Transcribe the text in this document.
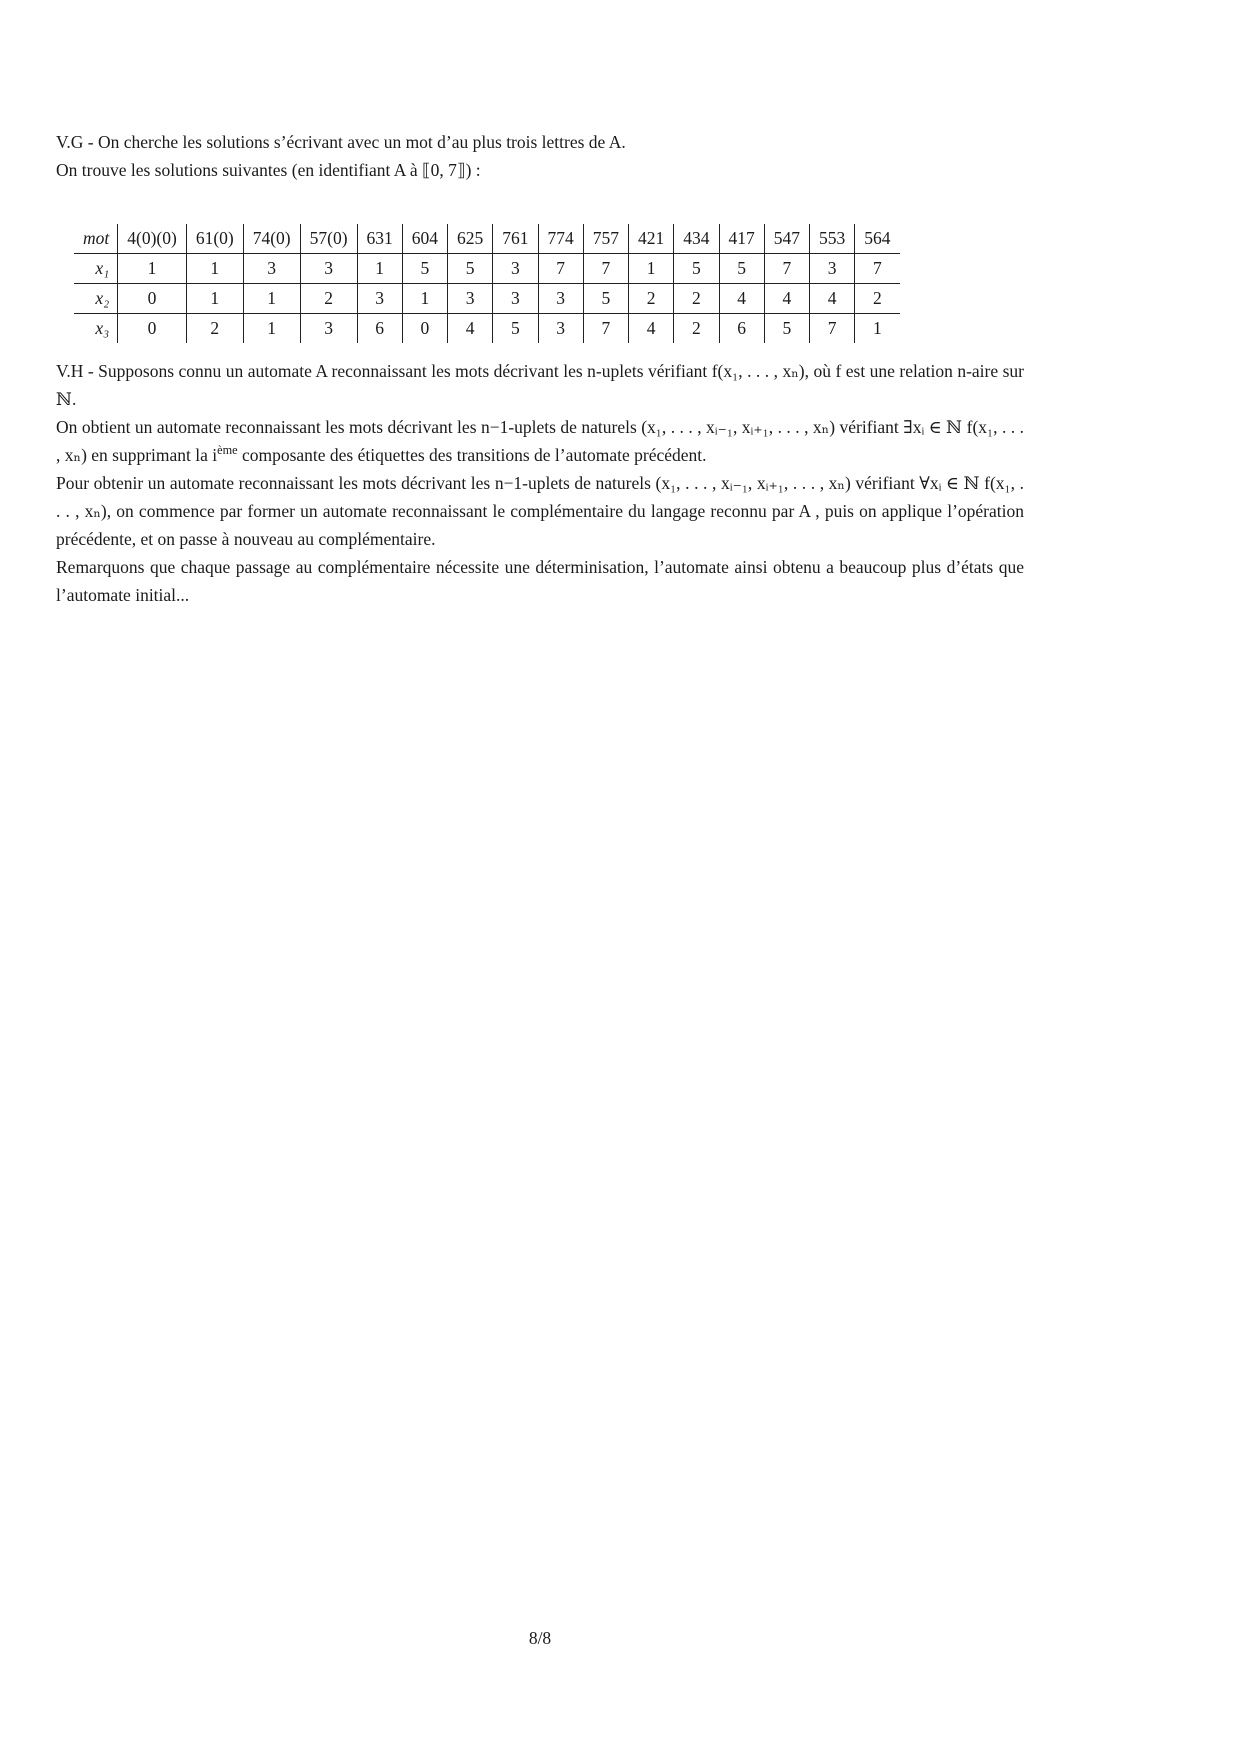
V.G - On cherche les solutions s’écrivant avec un mot d’au plus trois lettres de A.

On trouve les solutions suivantes (en identifiant A à ⟦0, 7⟧) :

mot	4(0)(0)	61(0)	74(0)	57(0)	631	604	625	761	774	757	421	434	417	547	553	564
x₁	1	1	3	3	1	5	5	3	7	7	1	5	5	7	3	7
x₂	0	1	1	2	3	1	3	3	3	5	2	2	4	4	4	2
x₃	0	2	1	3	6	0	4	5	3	7	4	2	6	5	7	1

V.H - Supposons connu un automate A reconnaissant les mots décrivant les n-uplets vérifiant f(x₁, . . . , xₙ), où f est une relation n-aire sur ℕ.

On obtient un automate reconnaissant les mots décrivant les n−1-uplets de naturels (x₁, . . . , xᵢ₋₁, xᵢ₊₁, . . . , xₙ) vérifiant ∃xᵢ ∈ ℕ f(x₁, . . . , xₙ) en supprimant la $i^{ème}$ composante des étiquettes des transitions de l’automate précédent.

Pour obtenir un automate reconnaissant les mots décrivant les n−1-uplets de naturels (x₁, . . . , xᵢ₋₁, xᵢ₊₁, . . . , xₙ) vérifiant ∀xᵢ ∈ ℕ f(x₁, . . . , xₙ), on commence par former un automate reconnaissant le complémentaire du langage reconnu par A , puis on applique l’opération précédente, et on passe à nouveau au complémentaire.

Remarquons que chaque passage au complémentaire nécessite une déterminisation, l’automate ainsi obtenu a beaucoup plus d’états que l’automate initial...

8/8
